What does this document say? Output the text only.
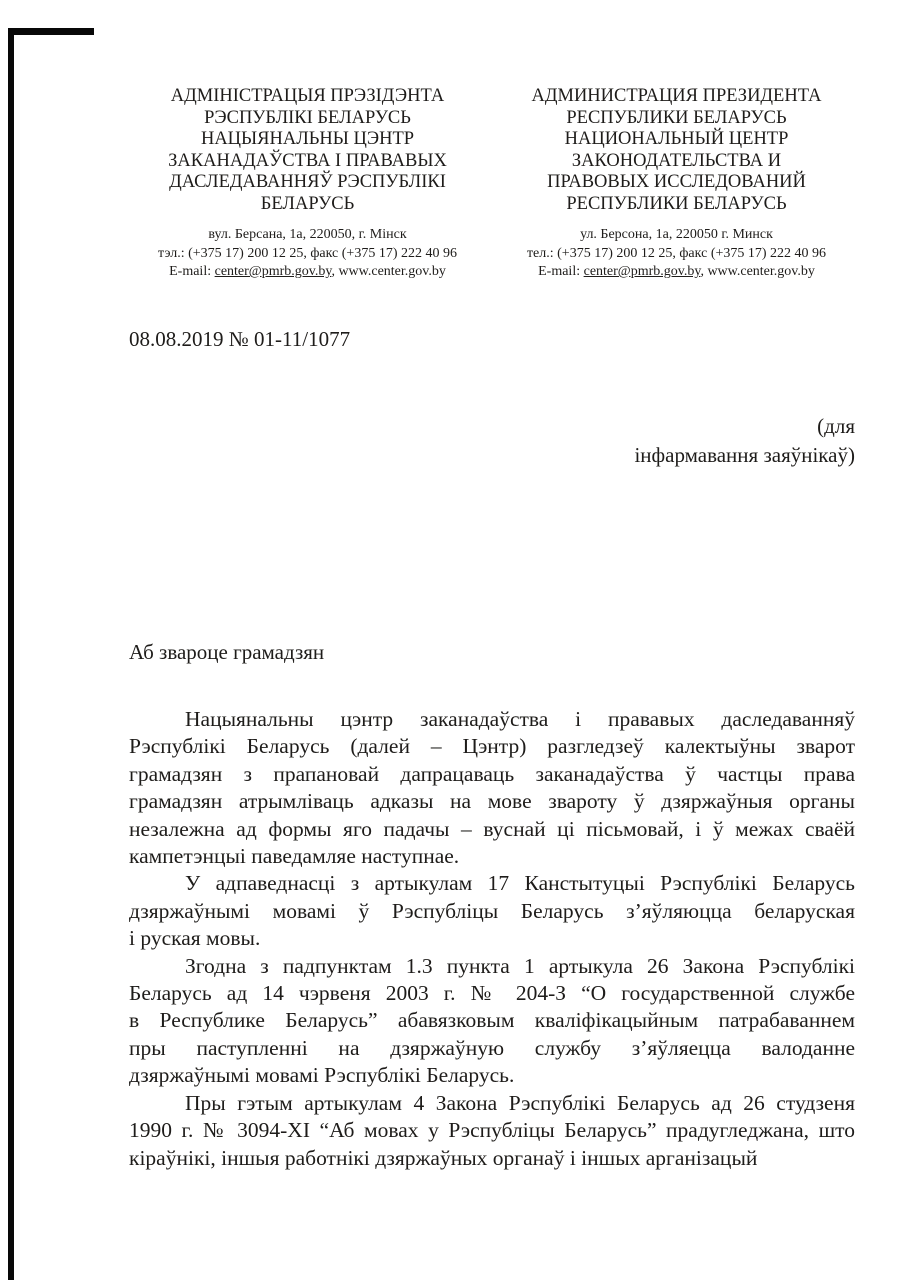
АДМІНІСТРАЦЫЯ ПРЭЗІДЭНТА
РЭСПУБЛІКІ БЕЛАРУСЬ
НАЦЫЯНАЛЬНЫ ЦЭНТР
ЗАКАНАДАЎСТВА І ПРАВАВЫХ
ДАСЛЕДАВАННЯЎ РЭСПУБЛІКІ
БЕЛАРУСЬ
вул. Берсана, 1а, 220050, г. Мінск
тэл.: (+375 17) 200 12 25, факс (+375 17) 222 40 96
E-mail: center@pmrb.gov.by, www.center.gov.by
АДМИНИСТРАЦИЯ ПРЕЗИДЕНТА
РЕСПУБЛИКИ БЕЛАРУСЬ
НАЦИОНАЛЬНЫЙ ЦЕНТР
ЗАКОНОДАТЕЛЬСТВА И
ПРАВОВЫХ ИССЛЕДОВАНИЙ
РЕСПУБЛИКИ БЕЛАРУСЬ
ул. Берсона, 1а, 220050 г. Минск
тел.: (+375 17) 200 12 25, факс (+375 17) 222 40 96
E-mail: center@pmrb.gov.by, www.center.gov.by
08.08.2019 № 01-11/1077
(для
інфармавання заяўнікаў)
Аб звароце грамадзян
Нацыянальны цэнтр заканадаўства і прававых даследаванняў
Рэспублікі Беларусь (далей – Цэнтр) разгледзеў калектыўны зварот
грамадзян з прапановай дапрацаваць заканадаўства ў частцы права
грамадзян атрымліваць адказы на мове звароту ў дзяржаўныя органы
незалежна ад формы яго падачы – вуснай ці пісьмовай, і ў межах сваёй
кампетэнцыі паведамляе наступнае.
У адпаведнасці з артыкулам 17 Канстытуцыі Рэспублікі Беларусь
дзяржаўнымі мовамі ў Рэспубліцы Беларусь з’яўляюцца беларуская
і руская мовы.
Згодна з падпунктам 1.3 пункта 1 артыкула 26 Закона Рэспублікі
Беларусь ад 14 чэрвеня 2003 г. № 204-З “О государственной службе
в Республике Беларусь” абавязковым кваліфікацыйным патрабаваннем
пры паступленні на дзяржаўную службу з’яўляецца валоданне
дзяржаўнымі мовамі Рэспублікі Беларусь.
Пры гэтым артыкулам 4 Закона Рэспублікі Беларусь ад 26 студзеня
1990 г. № 3094-XI “Аб мовах у Рэспубліцы Беларусь” прадугледжана, што
кіраўнікі, іншыя работнікі дзяржаўных органаў і іншых арганізацый
